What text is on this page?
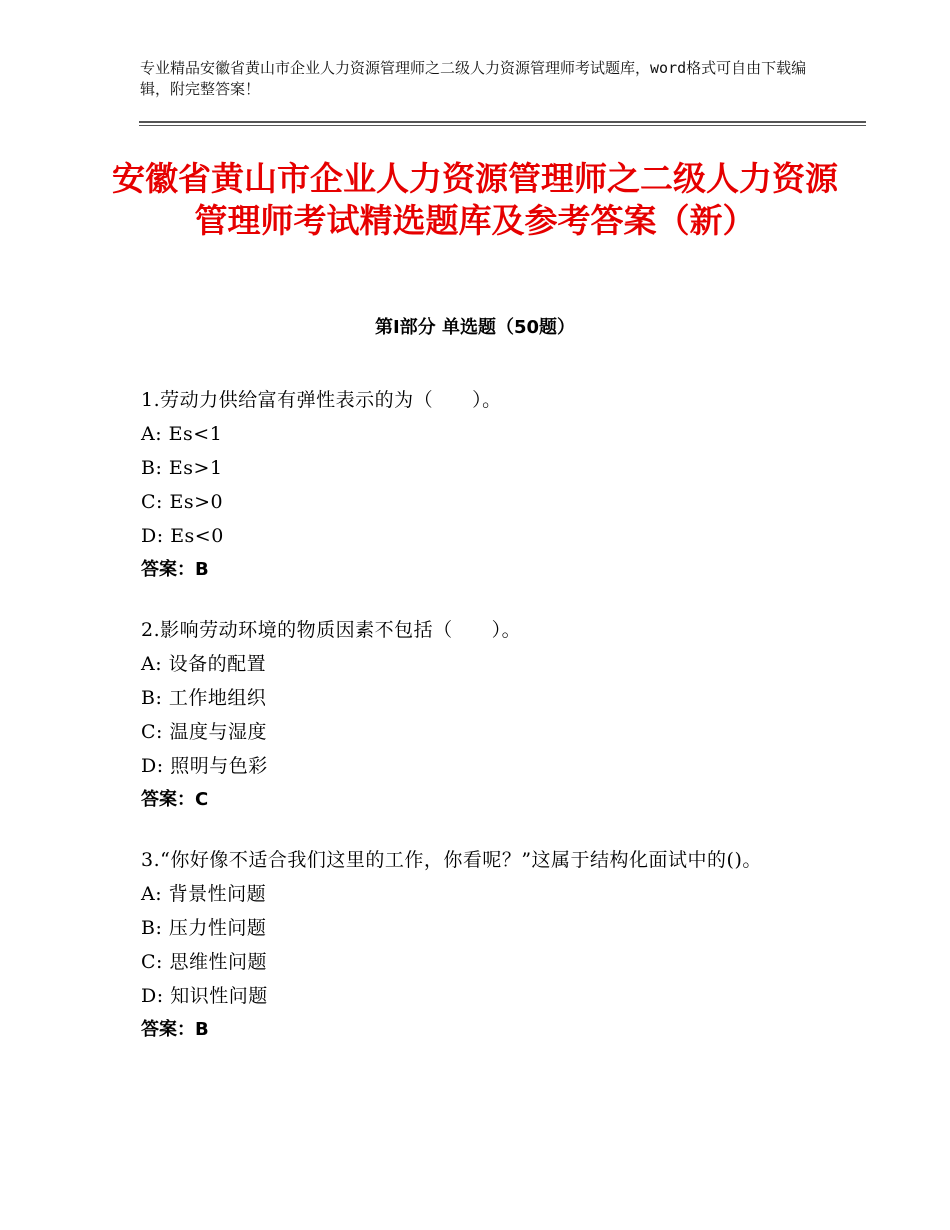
专业精品安徽省黄山市企业人力资源管理师之二级人力资源管理师考试题库，word格式可自由下载编辑，附完整答案！
安徽省黄山市企业人力资源管理师之二级人力资源管理师考试精选题库及参考答案（新）
第Ⅰ部分 单选题（50题）
1.劳动力供给富有弹性表示的为（　　）。
A: Es<1
B: Es>1
C: Es>0
D: Es<0
答案：B
2.影响劳动环境的物质因素不包括（　　）。
A: 设备的配置
B: 工作地组织
C: 温度与湿度
D: 照明与色彩
答案：C
3.“你好像不适合我们这里的工作，你看呢？”这属于结构化面试中的()。
A: 背景性问题
B: 压力性问题
C: 思维性问题
D: 知识性问题
答案：B
